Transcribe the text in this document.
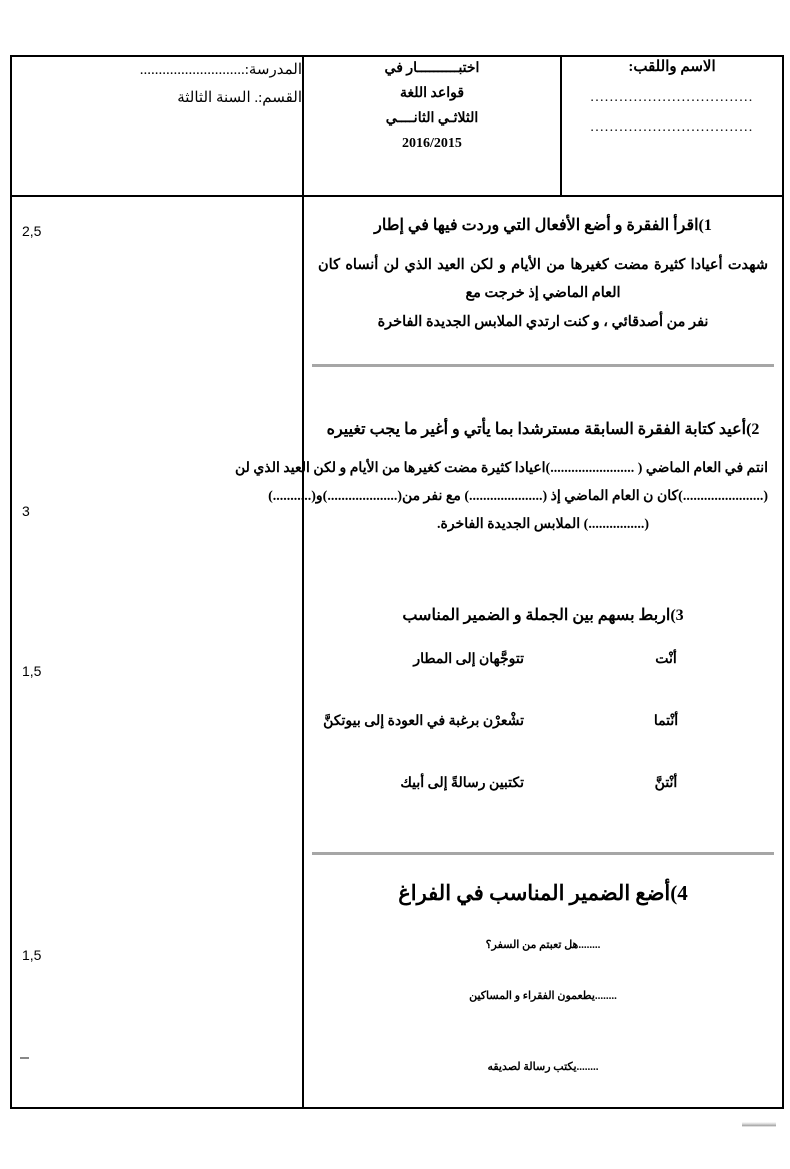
الاسم واللقب:
..................................
..................................

اختبــــــــــار في
قواعد اللغة
الثلاثـي الثانــــي
2016/2015

المدرسة:............................
القسم:. السنة الثالثة

1)اقرأ الفقرة و أضع الأفعال التي وردت فيها في إطار
شهدت أعيادا كثيرة مضت كغيرها من الأيام و لكن العيد الذي لن أنساه كان العام الماضي إذ خرجت مع
نفر من أصدقائي ، و كنت ارتدي الملابس الجديدة الفاخرة
2)أعيد كتابة الفقرة السابقة مسترشدا بما يأتي و أغير ما يجب تغييره
انتم في العام الماضي ( ........................)اعيادا كثيرة مضت كغيرها من الأيام و لكن العيد الذي لن
(.......................)كان ن العام الماضي إذ (.....................) مع نفر من(....................)و(...........)
(................) الملابس الجديدة الفاخرة.
3)اربط بسهم بين الجملة و الضمير المناسب
أنْت
تتوجَّهان إلى المطار
أنْتما
تشْعرْن برغبة في العودة إلى بيوتكنَّ
أنْتنَّ
تكتبين رسالةً إلى أبيك
4)أضع الضمير المناسب في الفراغ
........هل تعبتم من السفر؟
........يطعمون الفقراء و المساكين
........يكتب رسالة لصديقه

2,5
3
1,5
1,5
